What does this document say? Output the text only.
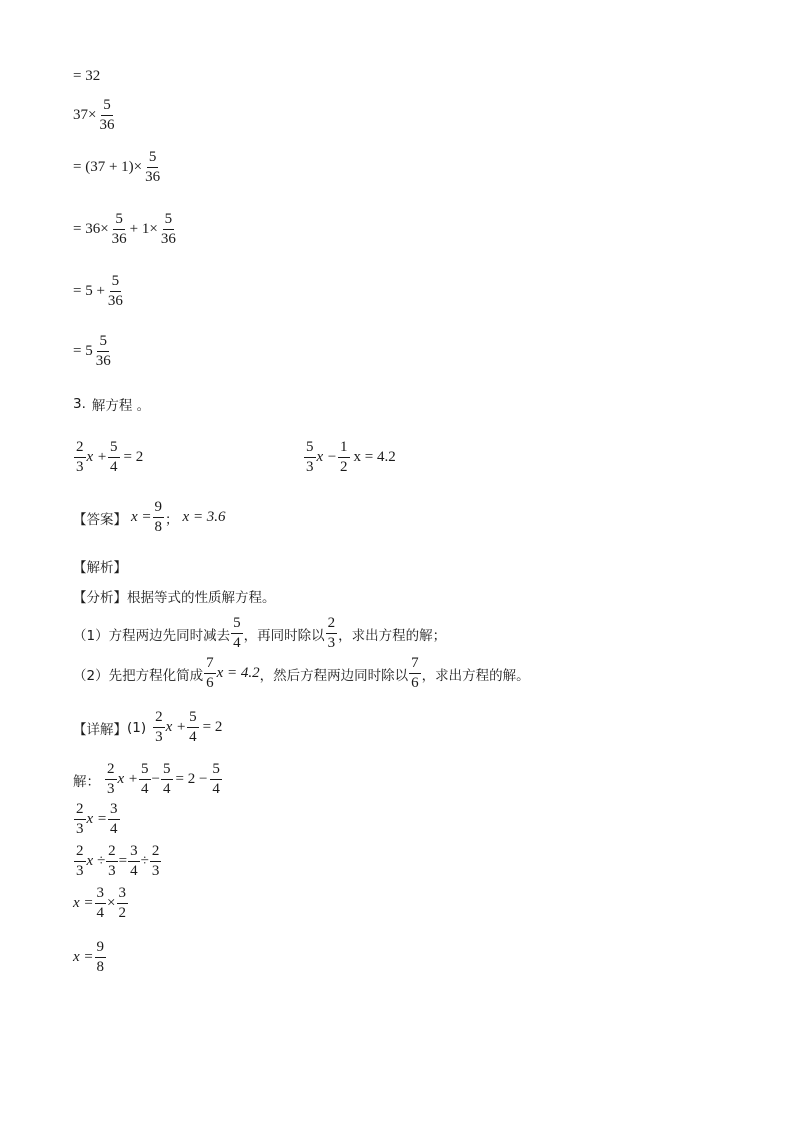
= 32
$37\times \frac{5}{36}$
= $(37 + 1)\times \frac{5}{36}$
= $36\times \frac{5}{36} + 1\times \frac{5}{36}$
= $5 + \frac{5}{36}$
= $5 \frac{5}{36}$
3. 解方程 。
$\frac{2}{3}$ $x + \frac{5}{4} = 2$	$\frac{5}{3}$ $x - \frac{1}{2}$ x = 4.2
【答案】 $x = \frac{9}{8}$ ； x = 3.6
【解析】
【分析】 根据等式的性质解方程。
（1）方程两边先同时减去 $\frac{5}{4}$ ，再同时除以 $\frac{2}{3}$ ，求出方程的解；
（2）先把方程化简成 $\frac{7}{6}$ x = 4.2 ，然后方程两边同时除以 $\frac{7}{6}$ ，求出方程的解。
【详解】 $(1) \frac{2}{3}$ $x + \frac{5}{4} = 2$
解： $\frac{2}{3}$ $x + \frac{5}{4} - \frac{5}{4} = 2 - \frac{5}{4}$
$\frac{2}{3}$ $x = \frac{3}{4}$
$\frac{2}{3}$ $x \div \frac{2}{3} = \frac{3}{4} \div \frac{2}{3}$
$x = \frac{3}{4} \times \frac{3}{2}$
$x = \frac{9}{8}$
